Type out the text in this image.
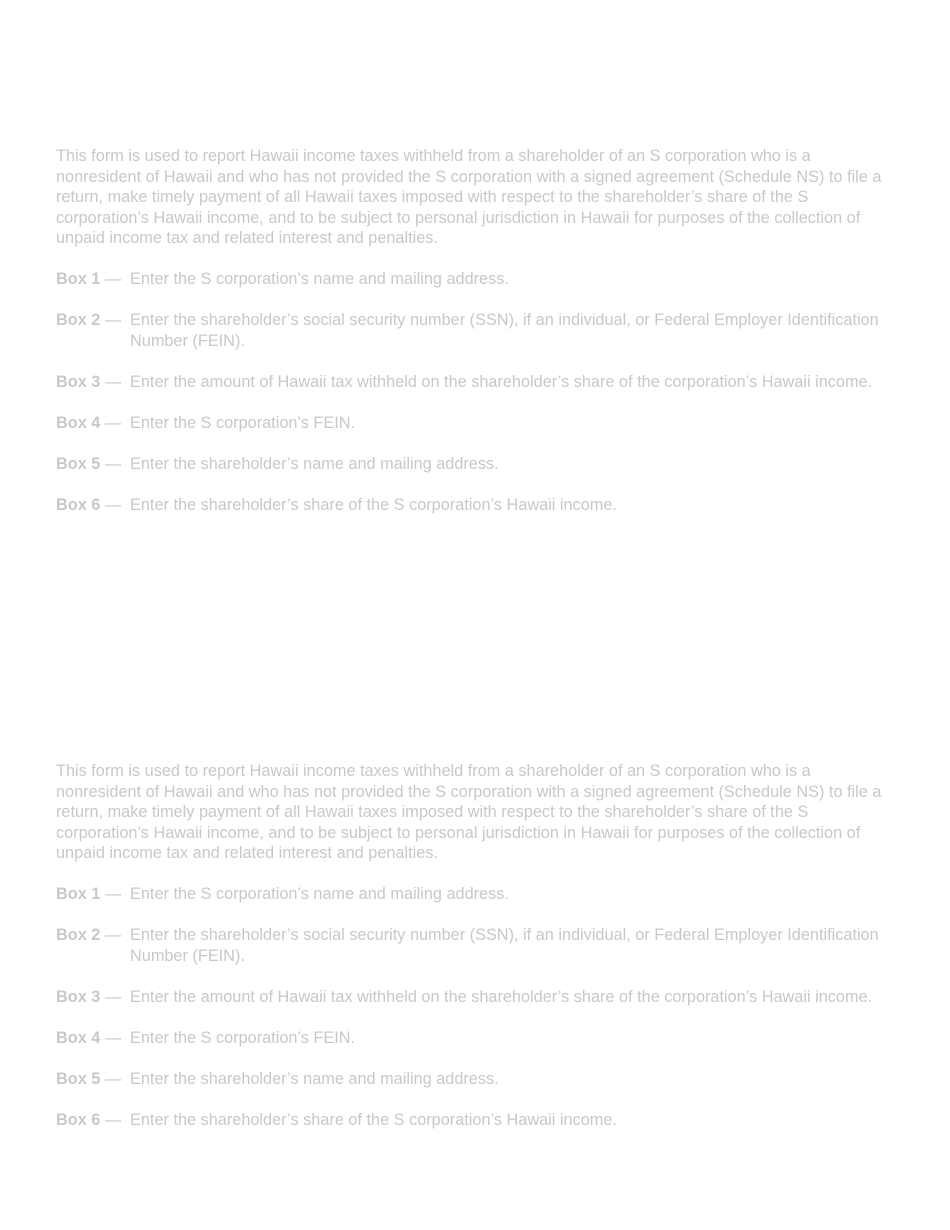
This form is used to report Hawaii income taxes withheld from a shareholder of an S corporation who is a nonresident of Hawaii and who has not provided the S corporation with a signed agreement (Schedule NS) to file a return, make timely payment of all Hawaii taxes imposed with respect to the shareholder’s share of the S corporation’s Hawaii income, and to be subject to personal jurisdiction in Hawaii for purposes of the collection of unpaid income tax and related interest and penalties.

Box 1 — Enter the S corporation’s name and mailing address.
Box 2 — Enter the shareholder’s social security number (SSN), if an individual, or Federal Employer Identification Number (FEIN).
Box 3 — Enter the amount of Hawaii tax withheld on the shareholder’s share of the corporation’s Hawaii income.
Box 4 — Enter the S corporation’s FEIN.
Box 5 — Enter the shareholder’s name and mailing address.
Box 6 — Enter the shareholder’s share of the S corporation’s Hawaii income.

This form is used to report Hawaii income taxes withheld from a shareholder of an S corporation who is a nonresident of Hawaii and who has not provided the S corporation with a signed agreement (Schedule NS) to file a return, make timely payment of all Hawaii taxes imposed with respect to the shareholder’s share of the S corporation’s Hawaii income, and to be subject to personal jurisdiction in Hawaii for purposes of the collection of unpaid income tax and related interest and penalties.

Box 1 — Enter the S corporation’s name and mailing address.
Box 2 — Enter the shareholder’s social security number (SSN), if an individual, or Federal Employer Identification Number (FEIN).
Box 3 — Enter the amount of Hawaii tax withheld on the shareholder’s share of the corporation’s Hawaii income.
Box 4 — Enter the S corporation’s FEIN.
Box 5 — Enter the shareholder’s name and mailing address.
Box 6 — Enter the shareholder’s share of the S corporation’s Hawaii income.
